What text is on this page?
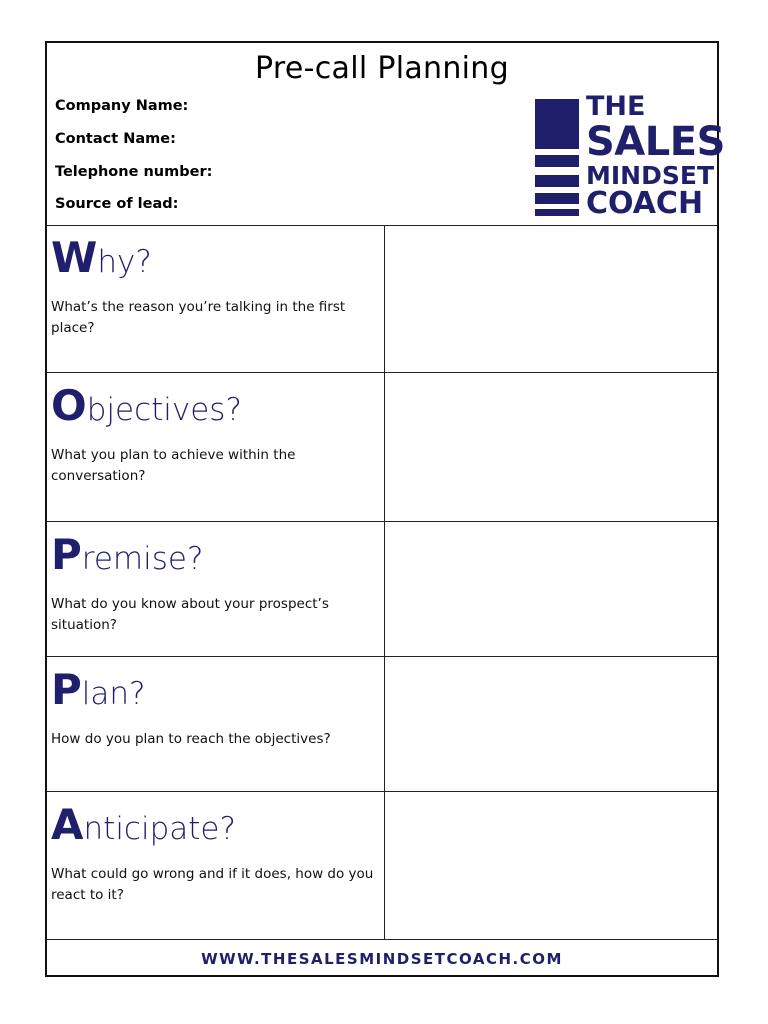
Pre-call Planning
Company Name:
Contact Name:
Telephone number:
Source of lead:
THE
SALES
MINDSET
COACH
Why?
What’s the reason you’re talking in the first place?
Objectives?
What you plan to achieve within the conversation?
Premise?
What do you know about your prospect’s situation?
Plan?
How do you plan to reach the objectives?
Anticipate?
What could go wrong and if it does, how do you react to it?
WWW.THESALESMINDSETCOACH.COM
